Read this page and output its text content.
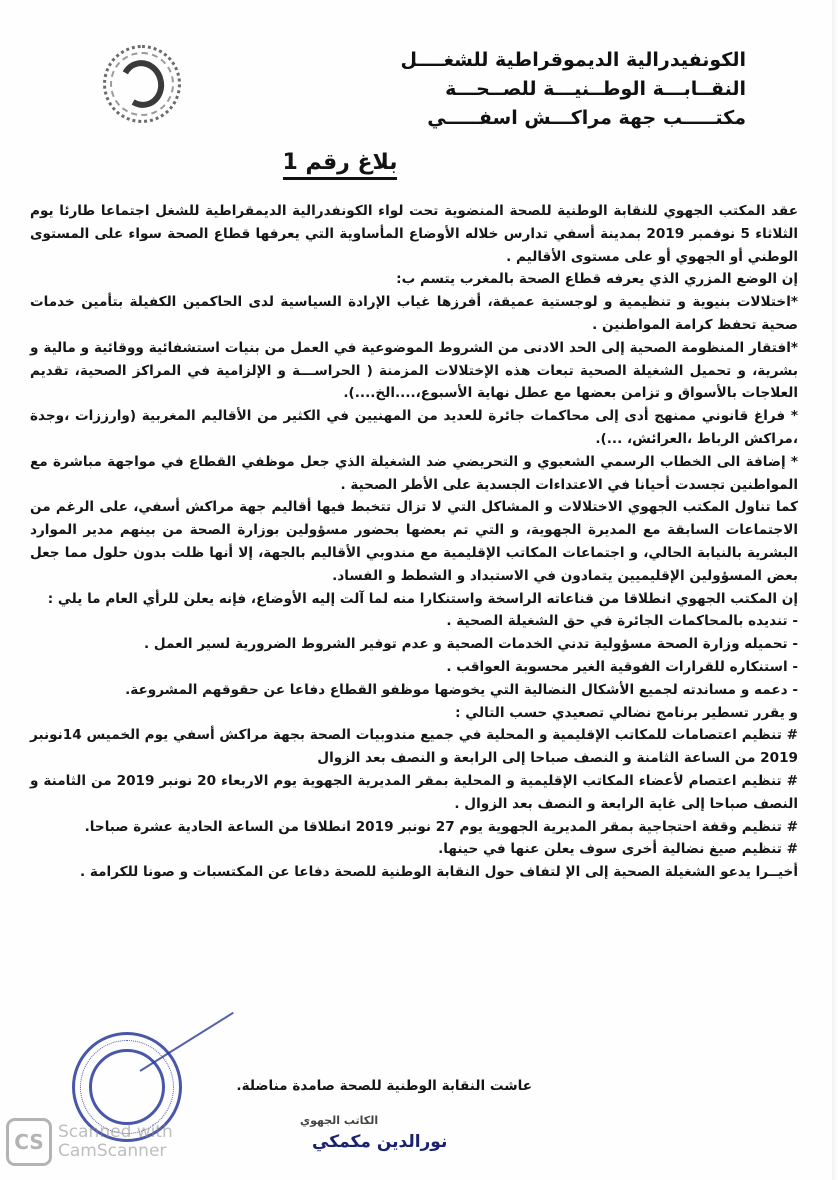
الكونفيدرالية الديموقراطية للشغــــل
النقــابـــة الوطــنيـــة للصــحـــة
مكتـــــب جهة مراكـــش اسفـــــي
بلاغ رقم 1

عقد المكتب الجهوي للنقابة الوطنية للصحة المنضوية تحت لواء الكونفدرالية الديمقراطية للشغل اجتماعا طارئا يوم الثلاثاء 5 نوفمبر 2019 بمدينة أسفي تدارس خلاله الأوضاع المأساوية التي يعرفها قطاع الصحة سواء على المستوى الوطني أو الجهوي أو على مستوى الأقاليم .

إن الوضع المزري الذي يعرفه قطاع الصحة بالمغرب يتسم ب:

*اختلالات بنيوية و تنظيمية و لوجستية عميقة، أفرزها غياب الإرادة السياسية لدى الحاكمين الكفيلة بتأمين خدمات صحية تحفظ كرامة المواطنين .

*افتقار المنظومة الصحية إلى الحد الادنى من الشروط الموضوعية في العمل من بنيات استشفائية ووقائية و مالية و بشرية، و تحميل الشغيلة الصحية تبعات هذه الإختلالات المزمنة ( الحراســـة و الإلزامية في المراكز الصحية، تقديم العلاجات بالأسواق و تزامن بعضها مع عطل نهاية الأسبوع،....الخ....).

* فراغ قانوني ممنهج أدى إلى محاكمات جائرة للعديد من المهنيين في الكثير من الأقاليم المغربية (وارززات ،وجدة ،مراكش الرباط ،العرائش، ...).

* إضافة الى الخطاب الرسمي الشعبوي و التحريضي ضد الشغيلة الذي جعل موظفي القطاع في مواجهة مباشرة مع المواطنين تجسدت أحيانا في الاعتداءات الجسدية على الأطر الصحية .

كما تناول المكتب الجهوي الاختلالات و المشاكل التي لا تزال تتخبط فيها أقاليم جهة مراكش أسفي، على الرغم من الاجتماعات السابقة مع المديرة الجهوية، و التي تم بعضها بحضور مسؤولين بوزارة الصحة من بينهم مدير الموارد البشرية بالنيابة الحالي، و اجتماعات المكاتب الإقليمية مع مندوبي الأقاليم بالجهة، إلا أنها ظلت بدون حلول مما جعل بعض المسؤولين الإقليميين يتمادون في الاستبداد و الشطط و الفساد.

إن المكتب الجهوي انطلاقا من قناعاته الراسخة واستنكارا منه لما آلت إليه الأوضاع، فإنه يعلن للرأي العام ما يلي :

- تنديده بالمحاكمات الجائرة في حق الشغيلة الصحية .

- تحميله وزارة الصحة مسؤولية تدني الخدمات الصحية و عدم توفير الشروط الضرورية لسير العمل .

- استنكاره للقرارات الفوقية الغير محسوبة العواقب .

- دعمه و مساندته لجميع الأشكال النضالية التي يخوضها موظفو القطاع دفاعا عن حقوقهم المشروعة.

و يقرر تسطير برنامج نضالي تصعيدي حسب التالي :

# تنظيم اعتصامات للمكاتب الإقليمية و المحلية في جميع مندوبيات الصحة بجهة مراكش أسفي يوم الخميس 14نونبر 2019 من الساعة الثامنة و النصف صباحا إلى الرابعة و النصف بعد الزوال

# تنظيم اعتصام لأعضاء المكاتب الإقليمية و المحلية بمقر المديرية الجهوية يوم الاربعاء 20 نونبر 2019 من الثامنة و النصف صباحا إلى غاية الرابعة و النصف بعد الزوال .

# تنظيم وقفة احتجاجية بمقر المديرية الجهوية يوم 27 نونبر 2019 انطلاقا من الساعة الحادية عشرة صباحا.

# تنظيم صيغ نضالية أخرى سوف يعلن عنها في حينها.

أخيــرا يدعو الشغيلة الصحية إلى الإ لتفاف حول النقابة الوطنية للصحة دفاعا عن المكتسبات و صونا للكرامة .

عاشت النقابة الوطنية للصحة صامدة مناضلة.
الكاتب الجهوي
نورالدين مكمكي
CS Scanned with
CamScanner
